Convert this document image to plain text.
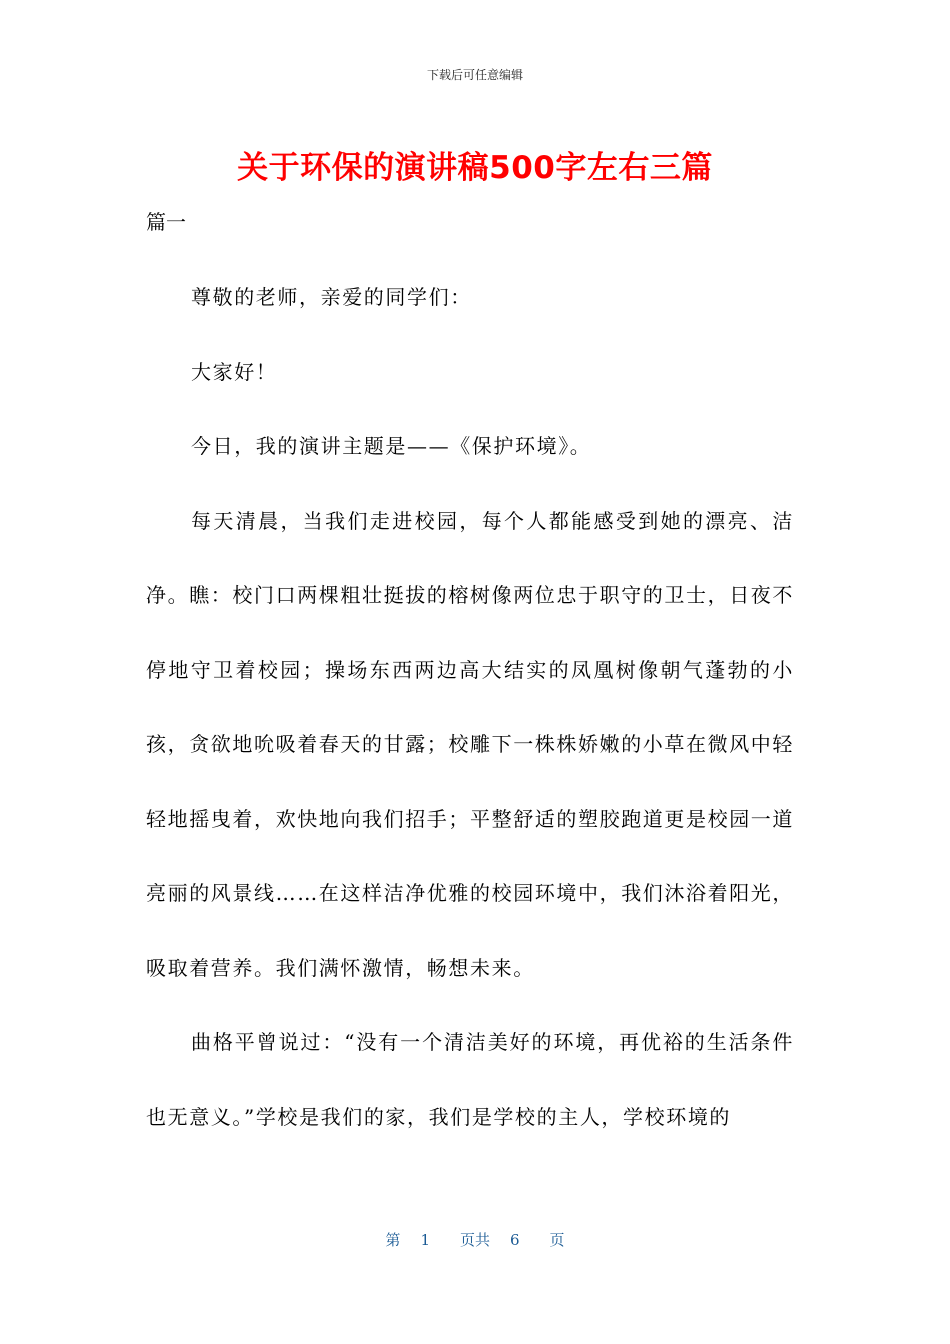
下载后可任意编辑
关于环保的演讲稿500字左右三篇

篇一

尊敬的老师，亲爱的同学们：

大家好！

今日，我的演讲主题是——《保护环境》。

每天清晨，当我们走进校园，每个人都能感受到她的漂亮、洁净。瞧：校门口两棵粗壮挺拔的榕树像两位忠于职守的卫士，日夜不停地守卫着校园；操场东西两边高大结实的凤凰树像朝气蓬勃的小孩，贪欲地吮吸着春天的甘露；校雕下一株株娇嫩的小草在微风中轻轻地摇曳着，欢快地向我们招手；平整舒适的塑胶跑道更是校园一道亮丽的风景线……在这样洁净优雅的校园环境中，我们沐浴着阳光，吸取着营养。我们满怀激情，畅想未来。

曲格平曾说过：“没有一个清洁美好的环境，再优裕的生活条件也无意义。”学校是我们的家，我们是学校的主人，学校环境的

第 1 页共 6 页
